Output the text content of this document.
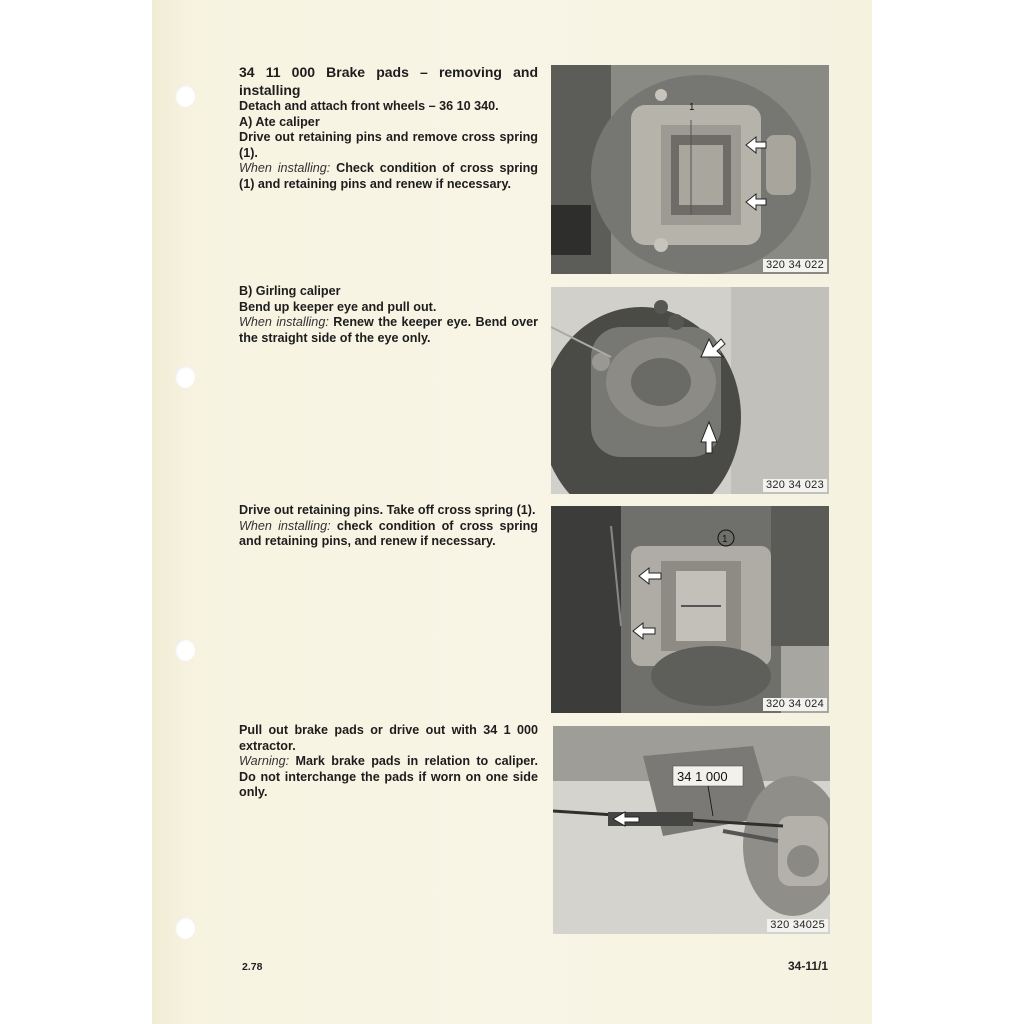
34 11 000 Brake pads – removing and installing

Detach and attach front wheels – 36 10 340.

A) Ate caliper

Drive out retaining pins and remove cross spring (1).

When installing: Check condition of cross spring (1) and retaining pins and renew if necessary.

1
320 34 022

B) Girling caliper

Bend up keeper eye and pull out.

When installing: Renew the keeper eye. Bend over the straight side of the eye only.

320 34 023

Drive out retaining pins. Take off cross spring (1).

When installing: check condition of cross spring and retaining pins, and renew if necessary.	1
320 34 024

Pull out brake pads or drive out with 34 1 000 extractor.

Warning: Mark brake pads in relation to caliper. Do not interchange the pads if worn on one side only.

34 1 000
320 34025
2.78	34-11/1
